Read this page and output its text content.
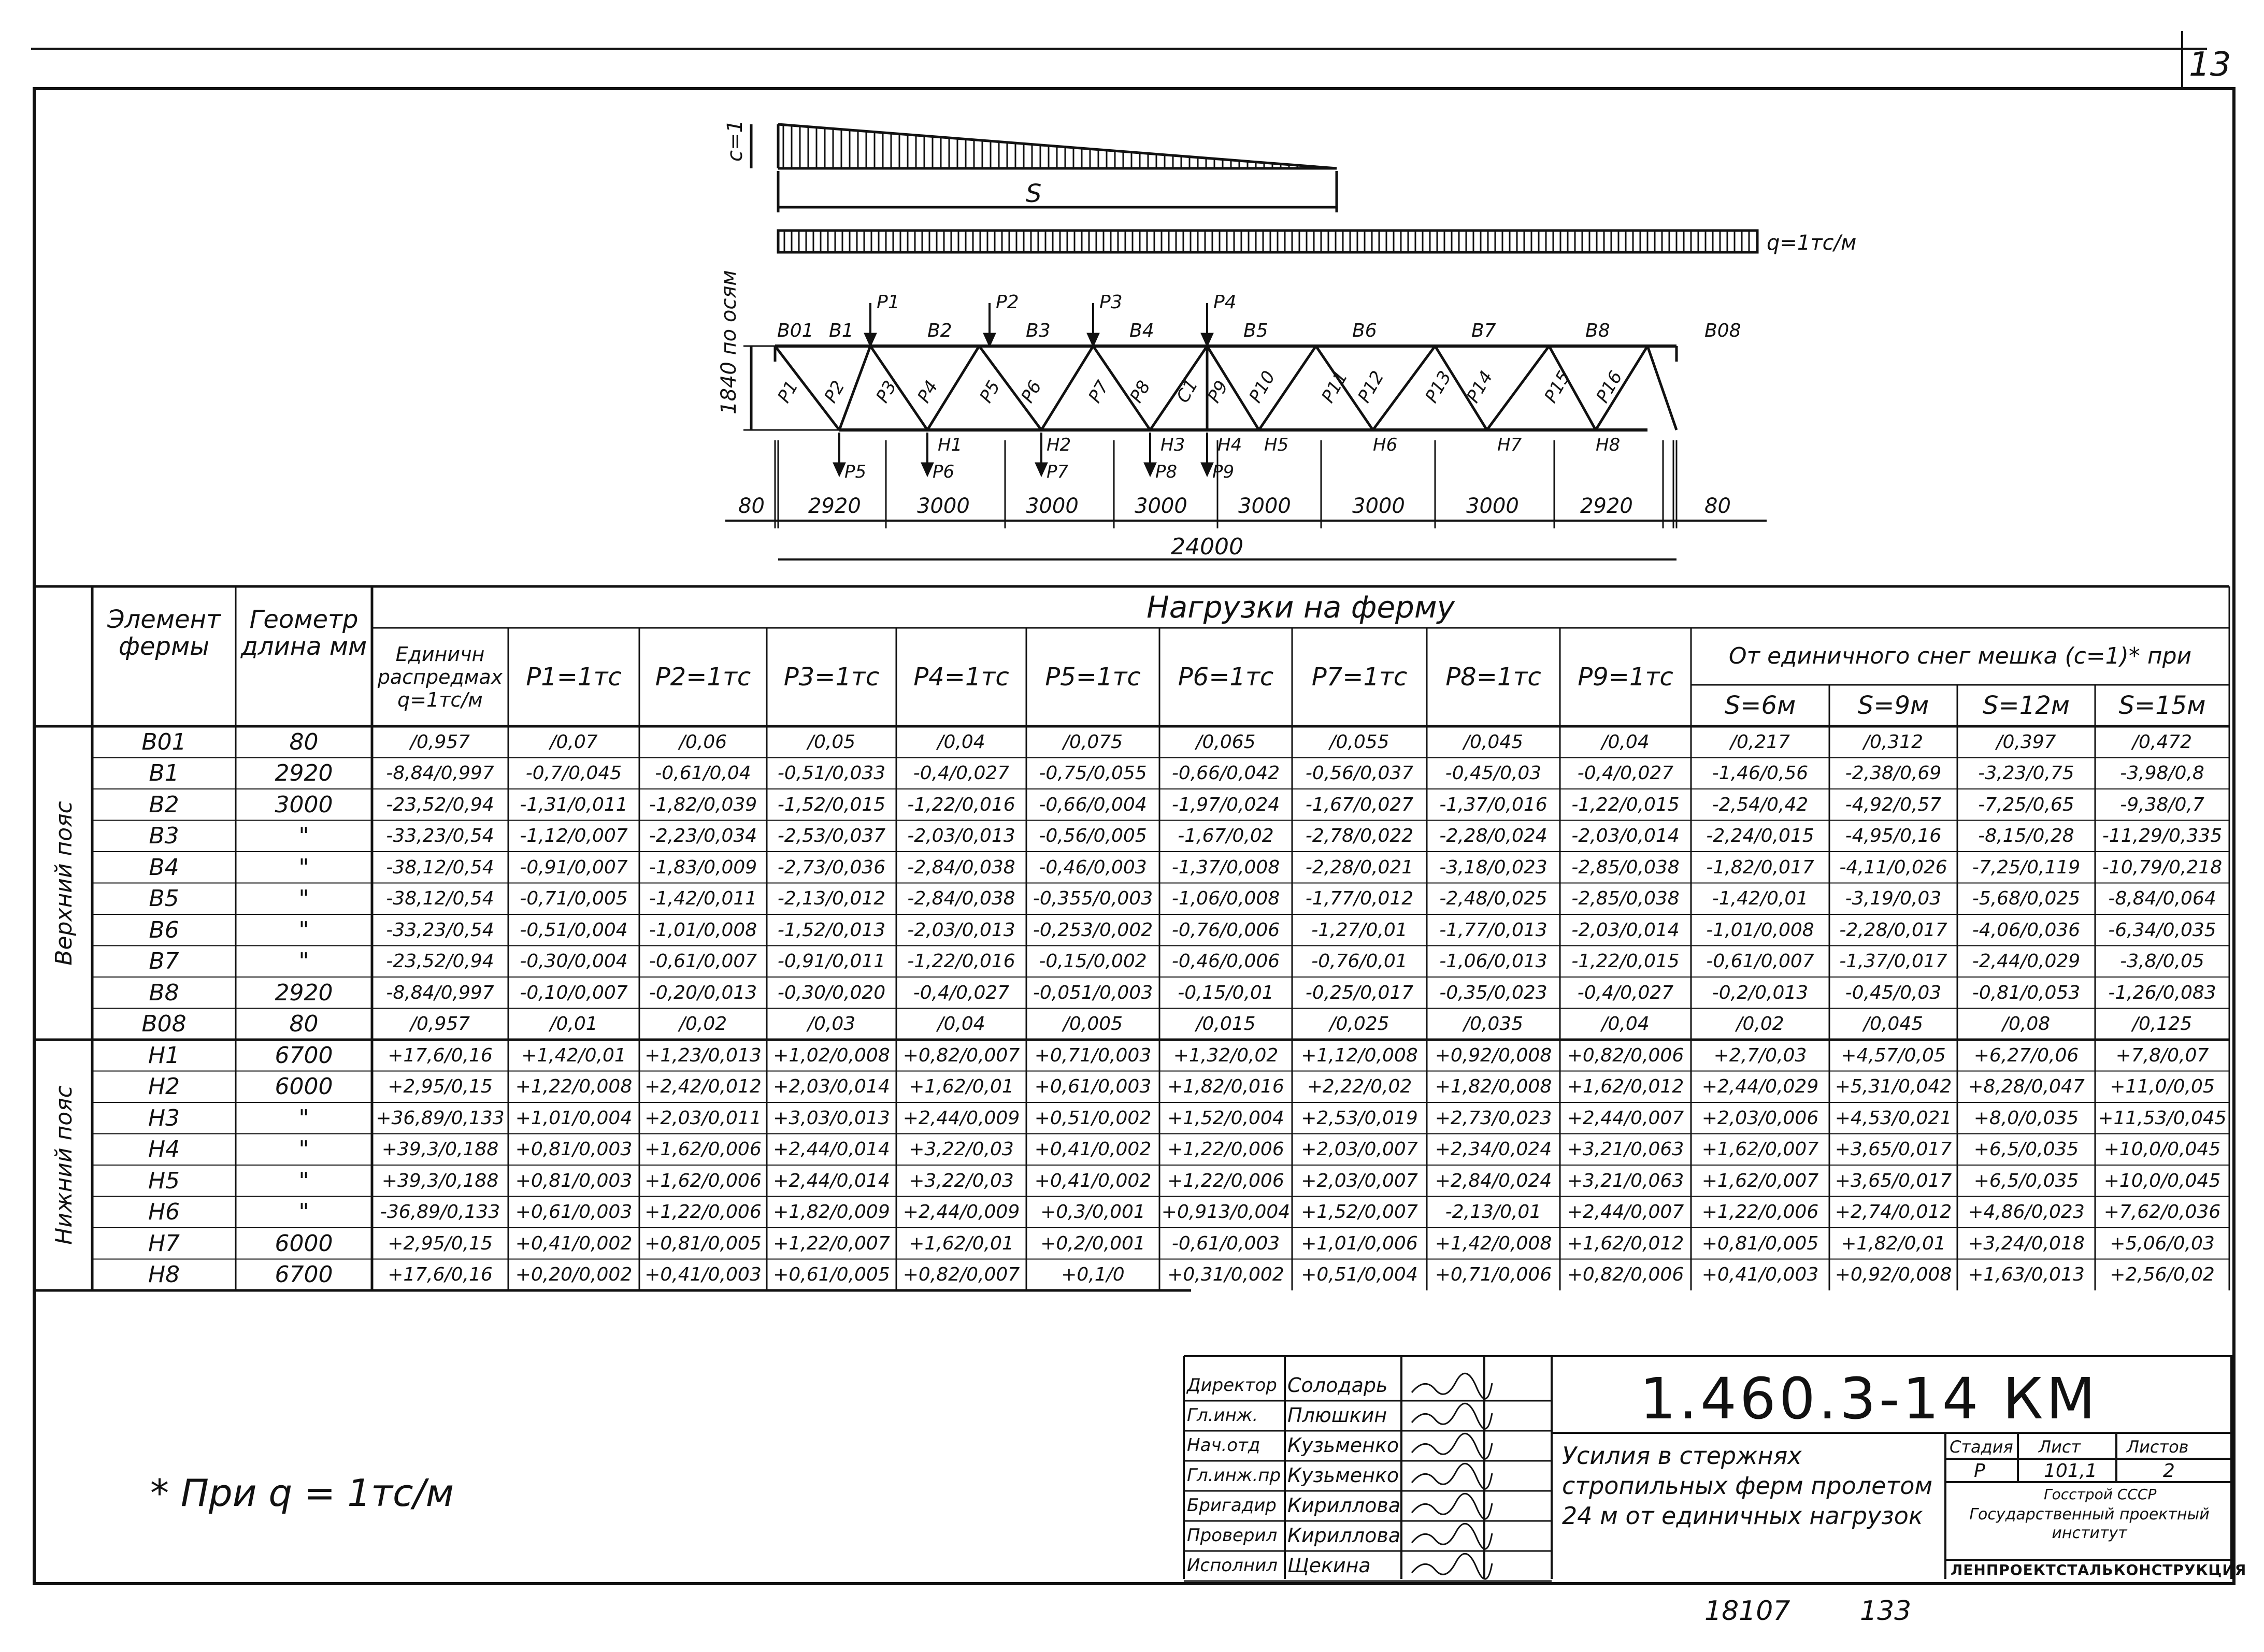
13
c=1
S
q=1тс/м
В01 В1	В2	В3	В4	В5	В6	В7	В8	В08
Н1	Н2	Н3 Н4 Н5	Н6	Н7	Н8
Р1 Р2 Р3 Р4 Р5 Р6 Р7 Р8 С1 Р9 Р10 Р11 Р12 Р13 Р14 Р15 Р16
P1	P2	P3	P4
P5	P6	P7	P8 P9
1840 по осям
80 2920	3000	3000	3000 3000	3000	3000	2920	80
24000
Элемент фермы
Геометр длина мм
Нагрузки на ферму
Единичн распредмах q=1тс/м
P1=1тс	P2=1тс	P3=1тс	P4=1тс	P5=1тс	P6=1тс	P7=1тс	P8=1тс	P9=1тс
От единичного снег мешка (с=1)* при
S=6м	S=9м	S=12м	S=15м
Верхний пояс
Нижний пояс
В01	80	/0,957	/0,07	/0,06	/0,05	/0,04	/0,075	/0,065	/0,055	/0,045	/0,04	/0,217	/0,312	/0,397	/0,472
В1	2920	-8,84/0,997	-0,7/0,045	-0,61/0,04	-0,51/0,033	-0,4/0,027	-0,75/0,055	-0,66/0,042	-0,56/0,037	-0,45/0,03	-0,4/0,027	-1,46/0,56	-2,38/0,69	-3,23/0,75	-3,98/0,8
В2	3000	-23,52/0,94	-1,31/0,011	-1,82/0,039	-1,52/0,015	-1,22/0,016	-0,66/0,004	-1,97/0,024	-1,67/0,027	-1,37/0,016	-1,22/0,015	-2,54/0,42	-4,92/0,57	-7,25/0,65	-9,38/0,7
В3	"	-33,23/0,54	-1,12/0,007	-2,23/0,034	-2,53/0,037	-2,03/0,013	-0,56/0,005	-1,67/0,02	-2,78/0,022	-2,28/0,024	-2,03/0,014	-2,24/0,015	-4,95/0,16	-8,15/0,28	-11,29/0,335
В4	"	-38,12/0,54	-0,91/0,007	-1,83/0,009	-2,73/0,036	-2,84/0,038	-0,46/0,003	-1,37/0,008	-2,28/0,021	-3,18/0,023	-2,85/0,038	-1,82/0,017	-4,11/0,026	-7,25/0,119	-10,79/0,218
В5	"	-38,12/0,54	-0,71/0,005	-1,42/0,011	-2,13/0,012	-2,84/0,038 -0,355/0,003	-1,06/0,008	-1,77/0,012	-2,48/0,025	-2,85/0,038	-1,42/0,01	-3,19/0,03	-5,68/0,025	-8,84/0,064
В6	"	-33,23/0,54	-0,51/0,004	-1,01/0,008	-1,52/0,013	-2,03/0,013 -0,253/0,002	-0,76/0,006	-1,27/0,01	-1,77/0,013	-2,03/0,014	-1,01/0,008	-2,28/0,017	-4,06/0,036	-6,34/0,035
В7	"	-23,52/0,94	-0,30/0,004	-0,61/0,007	-0,91/0,011	-1,22/0,016	-0,15/0,002	-0,46/0,006	-0,76/0,01	-1,06/0,013	-1,22/0,015	-0,61/0,007	-1,37/0,017	-2,44/0,029	-3,8/0,05
В8	2920	-8,84/0,997	-0,10/0,007	-0,20/0,013	-0,30/0,020	-0,4/0,027	-0,051/0,003	-0,15/0,01	-0,25/0,017	-0,35/0,023	-0,4/0,027	-0,2/0,013	-0,45/0,03	-0,81/0,053	-1,26/0,083
В08	80	/0,957	/0,01	/0,02	/0,03	/0,04	/0,005	/0,015	/0,025	/0,035	/0,04	/0,02	/0,045	/0,08	/0,125
Н1	6700	+17,6/0,16	+1,42/0,01 +1,23/0,013 +1,02/0,008 +0,82/0,007 +0,71/0,003	+1,32/0,02	+1,12/0,008 +0,92/0,008 +0,82/0,006	+2,7/0,03	+4,57/0,05	+6,27/0,06	+7,8/0,07
Н2	6000	+2,95/0,15	+1,22/0,008 +2,42/0,012 +2,03/0,014	+1,62/0,01	+0,61/0,003 +1,82/0,016	+2,22/0,02	+1,82/0,008 +1,62/0,012 +2,44/0,029 +5,31/0,042 +8,28/0,047	+11,0/0,05
Н3	"	+36,89/0,133 +1,01/0,004 +2,03/0,011 +3,03/0,013 +2,44/0,009 +0,51/0,002 +1,52/0,004 +2,53/0,019 +2,73/0,023 +2,44/0,007 +2,03/0,006 +4,53/0,021	+8,0/0,035	+11,53/0,045
Н4	"	+39,3/0,188 +0,81/0,003 +1,62/0,006 +2,44/0,014	+3,22/0,03	+0,41/0,002 +1,22/0,006 +2,03/0,007 +2,34/0,024 +3,21/0,063 +1,62/0,007 +3,65/0,017	+6,5/0,035	+10,0/0,045
Н5	"	+39,3/0,188 +0,81/0,003 +1,62/0,006 +2,44/0,014	+3,22/0,03	+0,41/0,002 +1,22/0,006 +2,03/0,007 +2,84/0,024 +3,21/0,063 +1,62/0,007 +3,65/0,017	+6,5/0,035	+10,0/0,045
Н6	"	-36,89/0,133 +0,61/0,003 +1,22/0,006 +1,82/0,009 +2,44/0,009	+0,3/0,001 +0,913/0,004 +1,52/0,007	-2,13/0,01	+2,44/0,007 +1,22/0,006 +2,74/0,012 +4,86/0,023	+7,62/0,036
Н7	6000	+2,95/0,15	+0,41/0,002 +0,81/0,005 +1,22/0,007	+1,62/0,01	+0,2/0,001	-0,61/0,003	+1,01/0,006 +1,42/0,008 +1,62/0,012 +0,81/0,005	+1,82/0,01	+3,24/0,018	+5,06/0,03
Н8	6700	+17,6/0,16	+0,20/0,002 +0,41/0,003 +0,61/0,005 +0,82/0,007	+0,1/0	+0,31/0,002 +0,51/0,004 +0,71/0,006 +0,82/0,006 +0,41/0,003 +0,92/0,008 +1,63/0,013	+2,56/0,02
* При q = 1тс/м
Директор Солодарь
Гл.инж. Плюшкин
Нач.отд Кузьменко
Гл.инж.пр Кузьменко
Бригадир Кириллова
Проверил Кириллова
Исполнил Щекина
1.460.3-14 КМ
Усилия в стержнях стропильных ферм пролетом 24 м от единичных нагрузок
Стадия Лист	Листов
Р	101,1	2
Госстрой СССР
Государственный проектный институт
ЛЕНПРОЕКТСТАЛЬКОНСТРУКЦИЯ
18107	133
